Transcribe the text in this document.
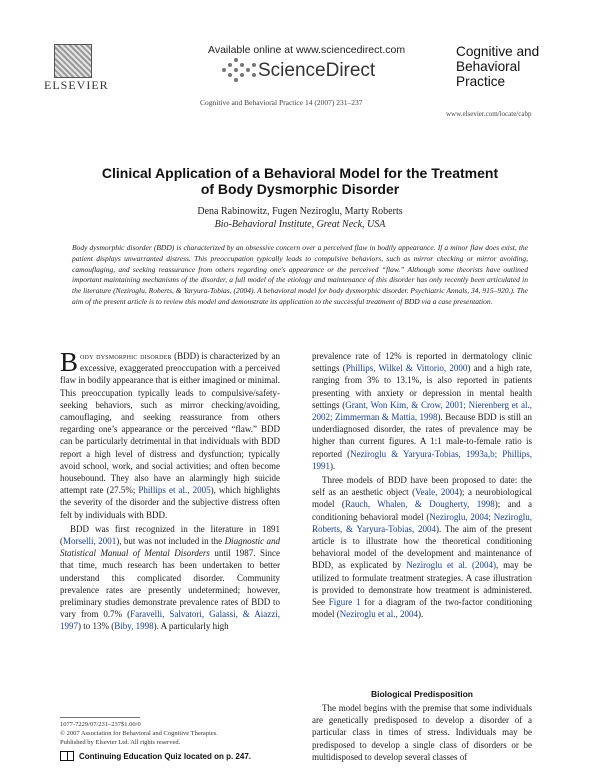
ELSEVIER
Available online at www.sciencedirect.com
ScienceDirect
Cognitive and Behavioral Practice 14 (2007) 231–237
Cognitive and
Behavioral
Practice
www.elsevier.com/locate/cabp
Clinical Application of a Behavioral Model for the Treatment
of Body Dysmorphic Disorder
Dena Rabinowitz, Fugen Neziroglu, Marty Roberts
Bio-Behavioral Institute, Great Neck, USA
Body dysmorphic disorder (BDD) is characterized by an obsessive concern over a perceived flaw in bodily appearance. If a minor flaw does exist, the patient displays unwarranted distress. This preoccupation typically leads to compulsive behaviors, such as mirror checking or mirror avoiding, camouflaging, and seeking reassurance from others regarding one's appearance or the perceived “flaw.” Although some theorists have outlined important maintaining mechanisms of the disorder, a full model of the etiology and maintenance of this disorder has only recently been articulated in the literature (Neziroglu, Roberts, & Yaryura-Tobias, (2004). A behavioral model for body dysmorphic disorder. Psychiatric Annals, 34, 915–920.). The aim of the present article is to review this model and demonstrate its application to the successful treatment of BDD via a case presentation.

Body dysmorphic disorder (BDD) is characterized by an excessive, exaggerated preoccupation with a perceived flaw in bodily appearance that is either imagined or minimal. This preoccupation typically leads to compulsive/safety-seeking behaviors, such as mirror checking/avoiding, camouflaging, and seeking reassurance from others regarding one’s appearance or the perceived “flaw.” BDD can be particularly detrimental in that individuals with BDD report a high level of distress and dysfunction; typically avoid school, work, and social activities; and often become housebound. They also have an alarmingly high suicide attempt rate (27.5%; Phillips et al., 2005), which highlights the severity of the disorder and the subjective distress often felt by individuals with BDD.

BDD was first recognized in the literature in 1891 (Morselli, 2001), but was not included in the Diagnostic and Statistical Manual of Mental Disorders until 1987. Since that time, much research has been undertaken to better understand this complicated disorder. Community prevalence rates are presently undetermined; however, preliminary studies demonstrate prevalence rates of BDD to vary from 0.7% (Faravelli, Salvatori, Galassi, & Aiazzi, 1997) to 13% (Biby, 1998). A particularly high

prevalence rate of 12% is reported in dermatology clinic settings (Phillips, Wilkel & Vittorio, 2000) and a high rate, ranging from 3% to 13.1%, is also reported in patients presenting with anxiety or depression in mental health settings (Grant, Won Kim, & Crow, 2001; Nierenberg et al., 2002; Zimmerman & Mattia, 1998). Because BDD is still an underdiagnosed disorder, the rates of prevalence may be higher than current figures. A 1:1 male-to-female ratio is reported (Neziroglu & Yaryura-Tobias, 1993a,b; Phillips, 1991).

Three models of BDD have been proposed to date: the self as an aesthetic object (Veale, 2004); a neurobiological model (Rauch, Whalen, & Dougherty, 1998); and a conditioning behavioral model (Neziroglu, 2004; Neziroglu, Roberts, & Yaryura-Tobias, 2004). The aim of the present article is to illustrate how the theoretical conditioning behavioral model of the development and maintenance of BDD, as explicated by Neziroglu et al. (2004), may be utilized to formulate treatment strategies. A case illustration is provided to demonstrate how treatment is administered. See Figure 1 for a diagram of the two-factor conditioning model (Neziroglu et al., 2004).

Biological Predisposition

The model begins with the premise that some individuals are genetically predisposed to develop a disorder of a particular class in times of stress. Individuals may be predisposed to develop a single class of disorders or be multidisposed to develop several classes of

1077-7229/07/231–237$1.00/0
© 2007 Association for Behavioral and Cognitive Therapies.
Published by Elsevier Ltd. All rights reserved.
Continuing Education Quiz located on p. 247.
